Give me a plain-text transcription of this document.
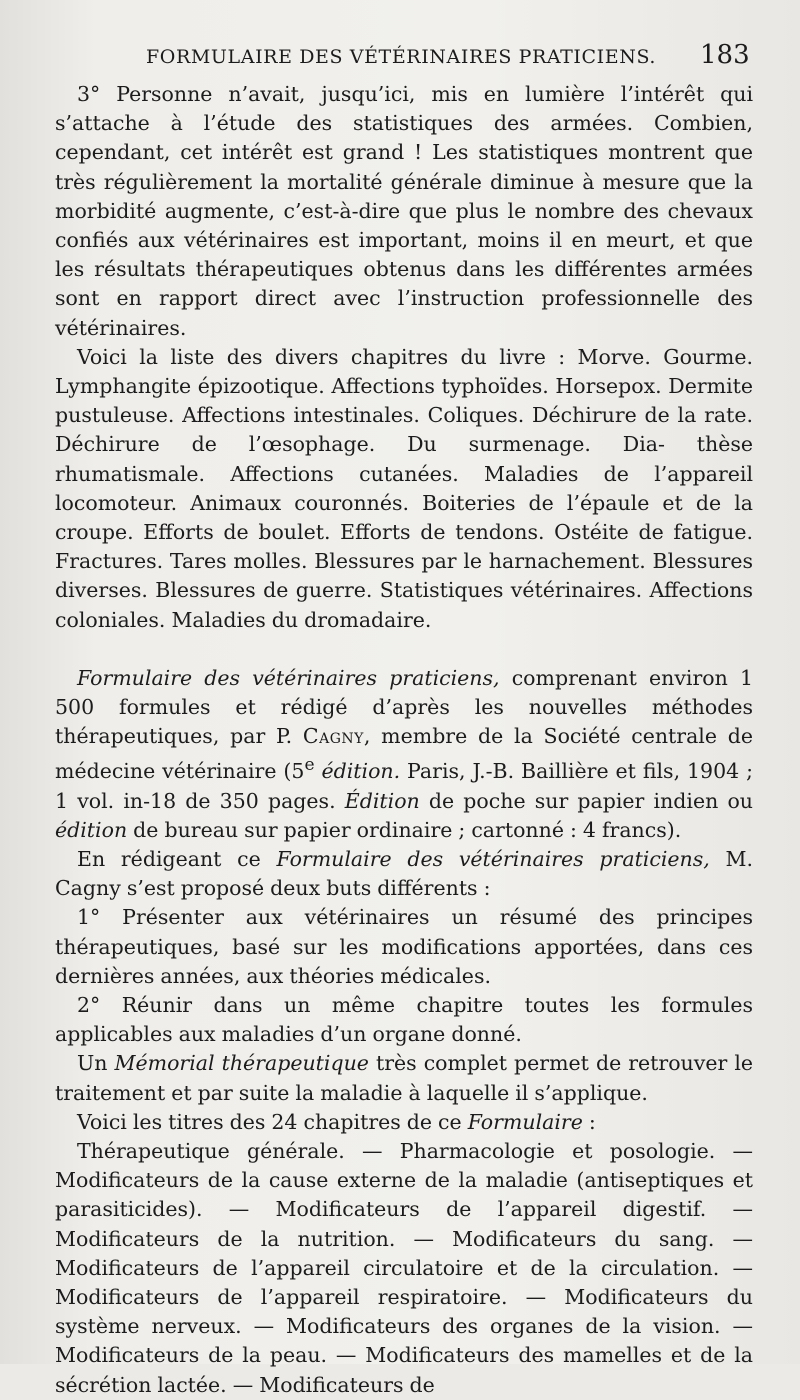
FORMULAIRE DES VÉTÉRINAIRES PRATICIENS. 183

3° Personne n’avait, jusqu’ici, mis en lumière l’intérêt qui s’attache à l’étude des statistiques des armées. Combien, cependant, cet intérêt est grand ! Les statistiques montrent que très régulièrement la mortalité générale diminue à mesure que la morbidité augmente, c’est-à-dire que plus le nombre des chevaux confiés aux vétérinaires est important, moins il en meurt, et que les résultats thérapeutiques obtenus dans les différentes armées sont en rapport direct avec l’instruction professionnelle des vétérinaires.

Voici la liste des divers chapitres du livre : Morve. Gourme. Lymphangite épizootique. Affections typhoïdes. Horsepox. Dermite pustuleuse. Affections intestinales. Coliques. Déchirure de la rate. Déchirure de l’œsophage. Du surmenage. Dia- thèse rhumatismale. Affections cutanées. Maladies de l’appareil locomoteur. Animaux couronnés. Boiteries de l’épaule et de la croupe. Efforts de boulet. Efforts de tendons. Ostéite de fatigue. Fractures. Tares molles. Blessures par le harnachement. Blessures diverses. Blessures de guerre. Statistiques vétérinaires. Affections coloniales. Maladies du dromadaire.

Formulaire des vétérinaires praticiens, comprenant environ 1 500 formules et rédigé d’après les nouvelles méthodes thérapeutiques, par P. Cagny, membre de la Société centrale de médecine vétérinaire (5e édition. Paris, J.-B. Baillière et fils, 1904 ; 1 vol. in-18 de 350 pages. Édition de poche sur papier indien ou édition de bureau sur papier ordinaire ; cartonné : 4 francs).

En rédigeant ce Formulaire des vétérinaires praticiens, M. Cagny s’est proposé deux buts différents :

1° Présenter aux vétérinaires un résumé des principes thérapeutiques, basé sur les modifications apportées, dans ces dernières années, aux théories médicales.

2° Réunir dans un même chapitre toutes les formules applicables aux maladies d’un organe donné.

Un Mémorial thérapeutique très complet permet de retrouver le traitement et par suite la maladie à laquelle il s’applique.

Voici les titres des 24 chapitres de ce Formulaire :

Thérapeutique générale. — Pharmacologie et posologie. — Modificateurs de la cause externe de la maladie (antiseptiques et parasiticides). — Modificateurs de l’appareil digestif. — Modificateurs de la nutrition. — Modificateurs du sang. — Modificateurs de l’appareil circulatoire et de la circulation. — Modificateurs de l’appareil respiratoire. — Modificateurs du système nerveux. — Modificateurs des organes de la vision. — Modificateurs de la peau. — Modificateurs des mamelles et de la sécrétion lactée. — Modificateurs de
